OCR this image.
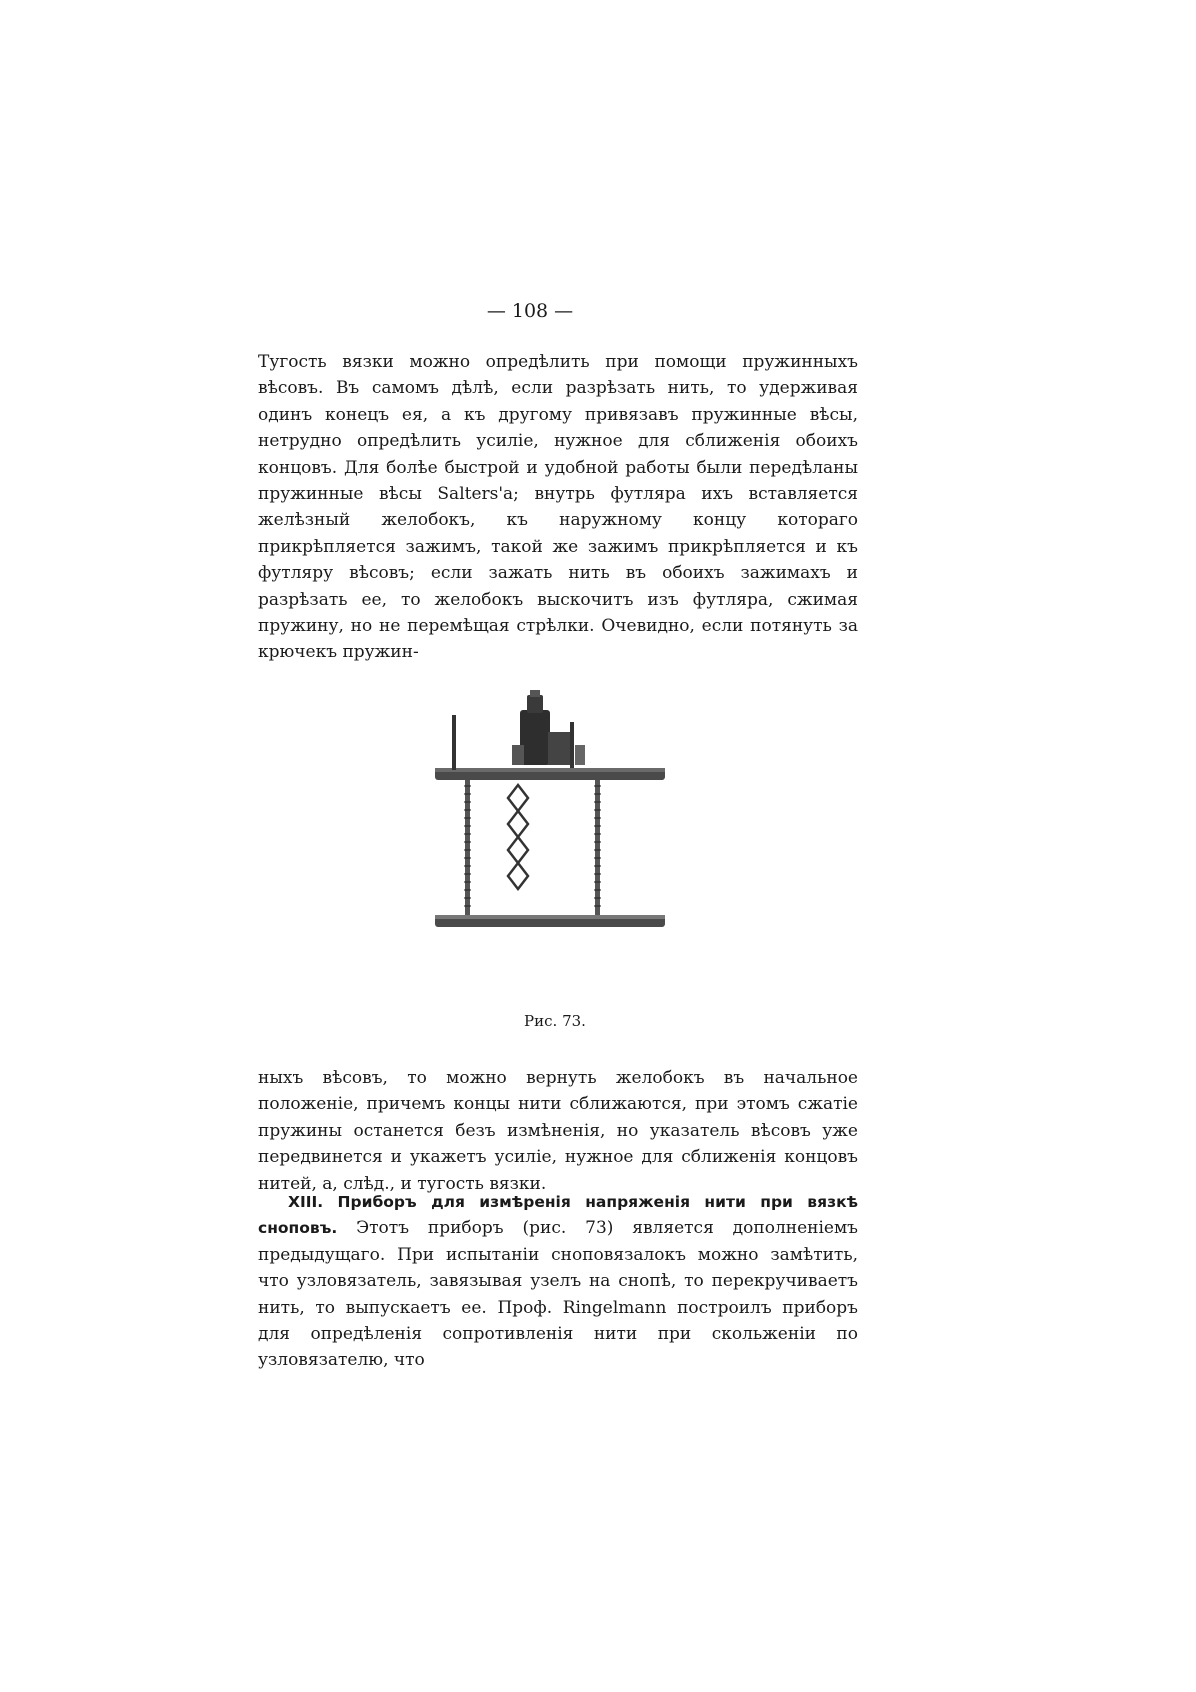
— 108 —

Тугость вязки можно опредѣлить при помощи пружинныхъ вѣсовъ. Въ самомъ дѣлѣ, если разрѣзать нить, то удерживая одинъ конецъ ея, а къ другому привязавъ пружинные вѣсы, нетрудно опредѣлить усиліе, нужное для сближенія обоихъ концовъ. Для болѣе быстрой и удобной работы были передѣланы пружинные вѣсы Salters'а; внутрь футляра ихъ вставляется желѣзный желобокъ, къ наружному концу котораго прикрѣпляется зажимъ, такой же зажимъ прикрѣпляется и къ футляру вѣсовъ; если зажать нить въ обоихъ зажимахъ и разрѣзать ее, то желобокъ выскочитъ изъ футляра, сжимая пружину, но не перемѣщая стрѣлки. Очевидно, если потянуть за крючекъ пружин-

Рис. 73.

ныхъ вѣсовъ, то можно вернуть желобокъ въ начальное положеніе, причемъ концы нити сближаются, при этомъ сжатіе пружины останется безъ измѣненія, но указатель вѣсовъ уже передвинется и укажетъ усиліе, нужное для сближенія концовъ нитей, а, слѣд., и тугость вязки.

XIII. Приборъ для измѣренія напряженія нити при вязкѣ сноповъ. Этотъ приборъ (рис. 73) является дополненіемъ предыдущаго. При испытаніи сноповязалокъ можно замѣтить, что узловязатель, завязывая узелъ на снопѣ, то перекручиваетъ нить, то выпускаетъ ее. Проф. Ringelmann построилъ приборъ для опредѣленія сопротивленія нити при скольженіи по узловязателю, что
